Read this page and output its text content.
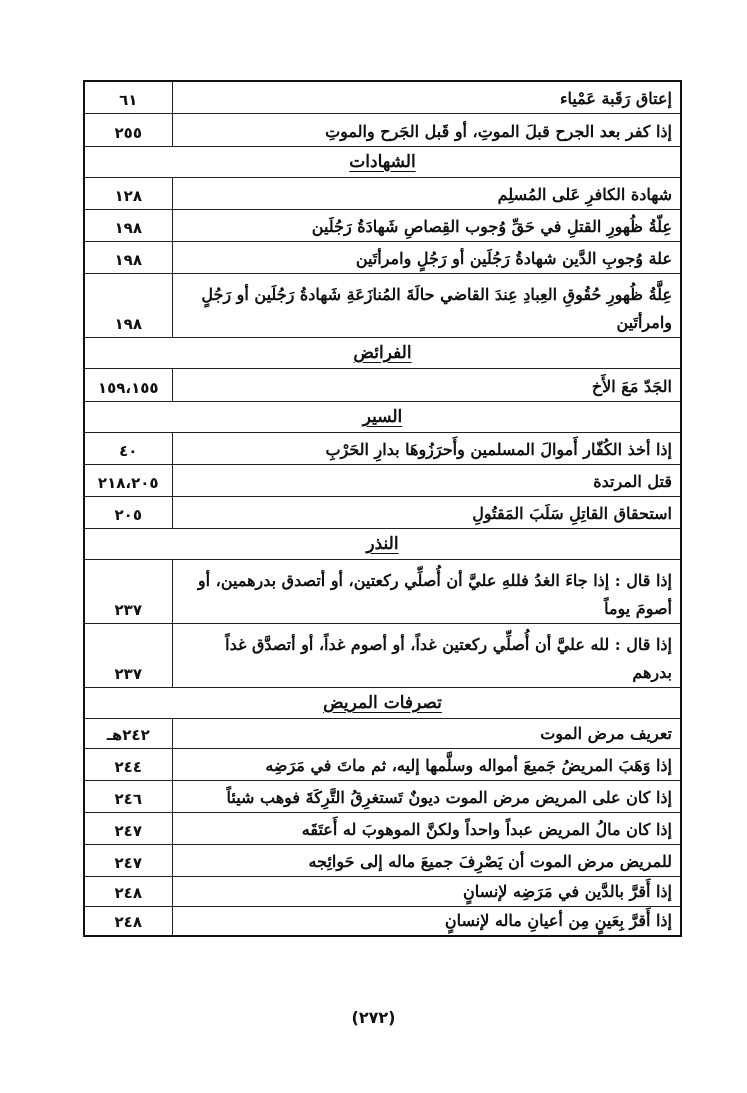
٦١	إعتاق رَقَبة عَمْياء
٢٥٥	إذا كفر بعد الجرح قبلَ الموتِ، أو قَبل الجَرح والموتِ
الشهادات	
١٢٨	شهادة الكافرِ عَلى المُسلِم
١٩٨	عِلّةُ ظُهورِ القتلِ في حَقِّ وُجوب القِصاصِ شَهادَةُ رَجُلَين
١٩٨	علة وُجوبِ الدَّين شهادةُ رَجُلَين أو رَجُلٍ وامرأتَين
١٩٨	عِلَّةُ ظُهورِ حُقُوقِ العِبادِ عِندَ القاضي حالَةَ المُنازَعَةِ شَهادةُ رَجُلَين أو رَجُلٍ وامرأتَين
الفرائض	
١٥٩،١٥٥	الجَدّ مَعَ الأَخ
السير	
٤٠	إذا أخذ الكُفّار أَموالَ المسلمين وأَحرَزُوهَا بدارِ الحَرْبِ
٢١٨،٢٠٥	قتل المرتدة
٢٠٥	استحقاق القاتِلِ سَلَبَ المَقتُولِ
النذر	
٢٣٧	إذا قال : إذا جاءَ الغدُ فللهِ عليَّ أن أُصلِّي ركعتين، أو أتصدق بدرهمين، أو أصومَ يوماً
٢٣٧	إذا قال : لله عليَّ أن أُصلِّي ركعتين غداً، أو أصوم غداً، أو أتصدَّق غداً بدرهم
تصرفات المريض	
٢٤٢هـ	تعريف مرض الموت
٢٤٤	إذا وَهَبَ المريضُ جَميعَ أمواله وسلَّمها إليه، ثم ماتَ في مَرَضِه
٢٤٦	إذا كان على المريض مرض الموت ديونٌ تَستغرِقُ التَّرِكَةَ فوهب شيئاً
٢٤٧	إذا كان مالُ المريض عبداً واحداً ولكنَّ الموهوبَ له أَعتَقَه
٢٤٧	للمريض مرض الموت أن يَصْرِفَ جميعَ ماله إلى حَوائِجه
٢٤٨	إذا أَقرَّ بالدَّين في مَرَضِه لإنسانٍ
٢٤٨	إذا أَقرَّ بِعَينٍ مِن أعيانِ ماله لإنسانٍ
(٢٧٢)
